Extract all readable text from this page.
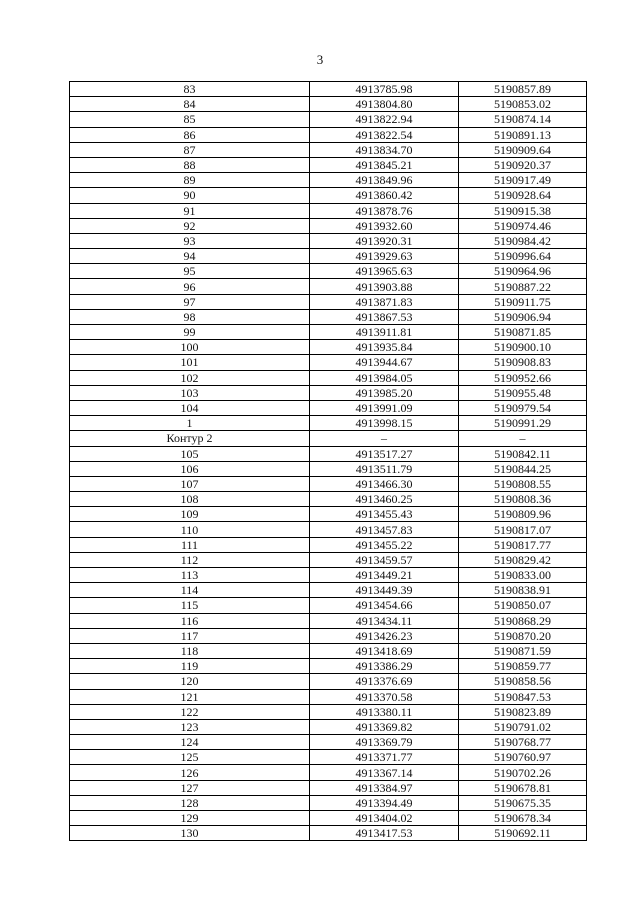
3
83	4913785.98	5190857.89
84	4913804.80	5190853.02
85	4913822.94	5190874.14
86	4913822.54	5190891.13
87	4913834.70	5190909.64
88	4913845.21	5190920.37
89	4913849.96	5190917.49
90	4913860.42	5190928.64
91	4913878.76	5190915.38
92	4913932.60	5190974.46
93	4913920.31	5190984.42
94	4913929.63	5190996.64
95	4913965.63	5190964.96
96	4913903.88	5190887.22
97	4913871.83	5190911.75
98	4913867.53	5190906.94
99	4913911.81	5190871.85
100	4913935.84	5190900.10
101	4913944.67	5190908.83
102	4913984.05	5190952.66
103	4913985.20	5190955.48
104	4913991.09	5190979.54
1	4913998.15	5190991.29
Контур 2	–	–
105	4913517.27	5190842.11
106	4913511.79	5190844.25
107	4913466.30	5190808.55
108	4913460.25	5190808.36
109	4913455.43	5190809.96
110	4913457.83	5190817.07
111	4913455.22	5190817.77
112	4913459.57	5190829.42
113	4913449.21	5190833.00
114	4913449.39	5190838.91
115	4913454.66	5190850.07
116	4913434.11	5190868.29
117	4913426.23	5190870.20
118	4913418.69	5190871.59
119	4913386.29	5190859.77
120	4913376.69	5190858.56
121	4913370.58	5190847.53
122	4913380.11	5190823.89
123	4913369.82	5190791.02
124	4913369.79	5190768.77
125	4913371.77	5190760.97
126	4913367.14	5190702.26
127	4913384.97	5190678.81
128	4913394.49	5190675.35
129	4913404.02	5190678.34
130	4913417.53	5190692.11
